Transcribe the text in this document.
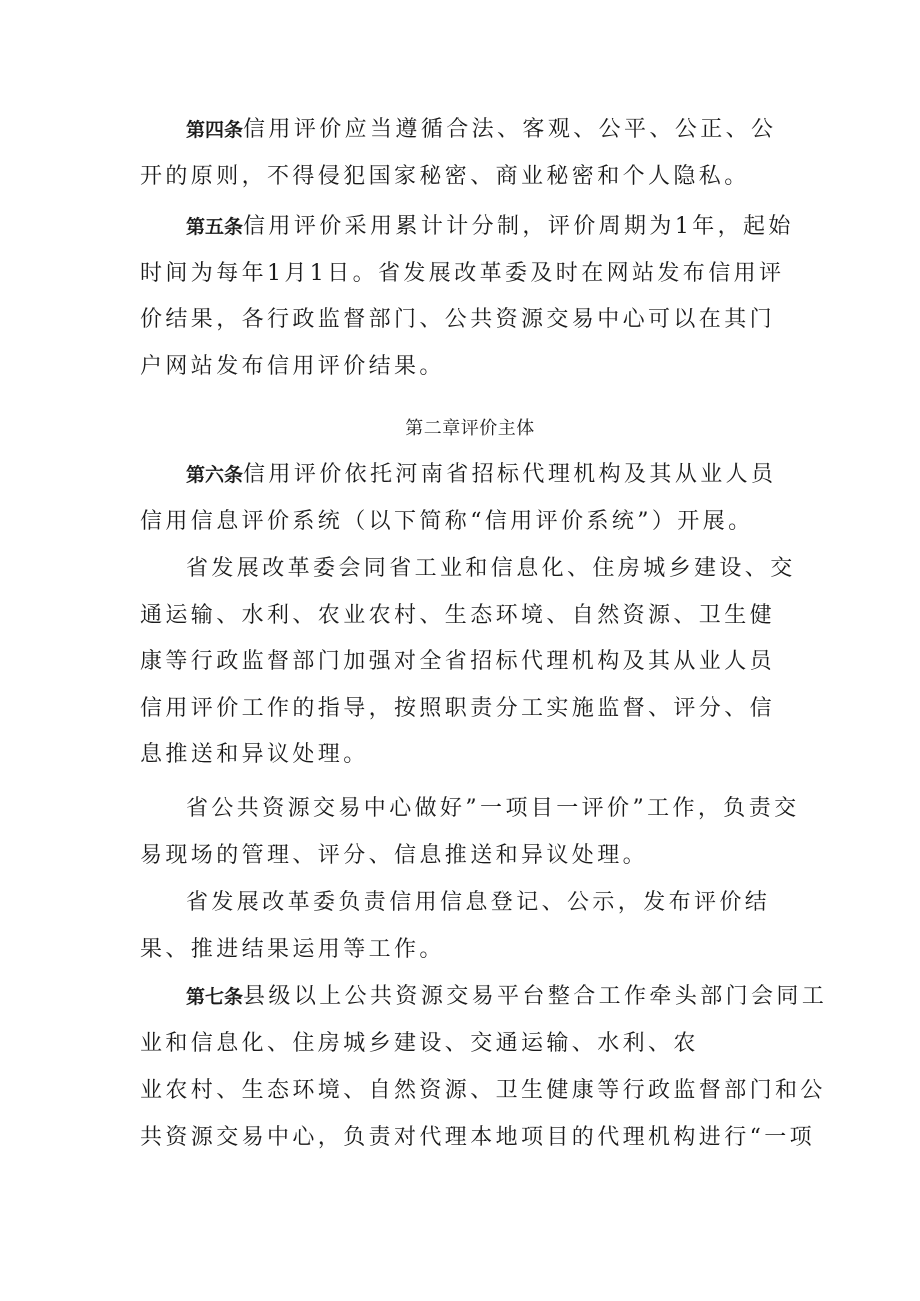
第四条信用评价应当遵循合法、客观、公平、公正、公开的原则，不得侵犯国家秘密、商业秘密和个人隐私。

第五条信用评价采用累计计分制，评价周期为1年，起始时间为每年1月1日。省发展改革委及时在网站发布信用评价结果，各行政监督部门、公共资源交易中心可以在其门户网站发布信用评价结果。

第二章评价主体

第六条信用评价依托河南省招标代理机构及其从业人员信用信息评价系统（以下简称“信用评价系统”）开展。

省发展改革委会同省工业和信息化、住房城乡建设、交通运输、水利、农业农村、生态环境、自然资源、卫生健康等行政监督部门加强对全省招标代理机构及其从业人员信用评价工作的指导，按照职责分工实施监督、评分、信息推送和异议处理。

省公共资源交易中心做好”一项目一评价”工作，负责交易现场的管理、评分、信息推送和异议处理。

省发展改革委负责信用信息登记、公示，发布评价结果、推进结果运用等工作。

第七条县级以上公共资源交易平台整合工作牵头部门会同工
业和信息化、住房城乡建设、交通运输、水利、农
业农村、生态环境、自然资源、卫生健康等行政监督部门和公
共资源交易中心，负责对代理本地项目的代理机构进行“一项
